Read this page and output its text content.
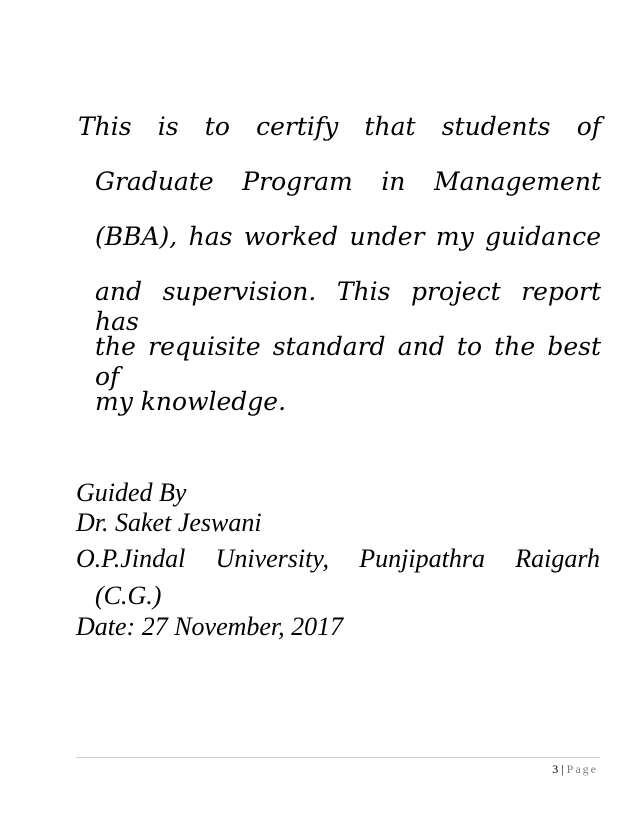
This is to certify that students of
Graduate Program in Management
(BBA), has worked under my guidance
and supervision. This project report has
the requisite standard and to the best of
my knowledge.
Guided By
Dr. Saket Jeswani
O.P.Jindal University, Punjipathra Raigarh
(C.G.)
Date: 27 November, 2017
3 | Page
